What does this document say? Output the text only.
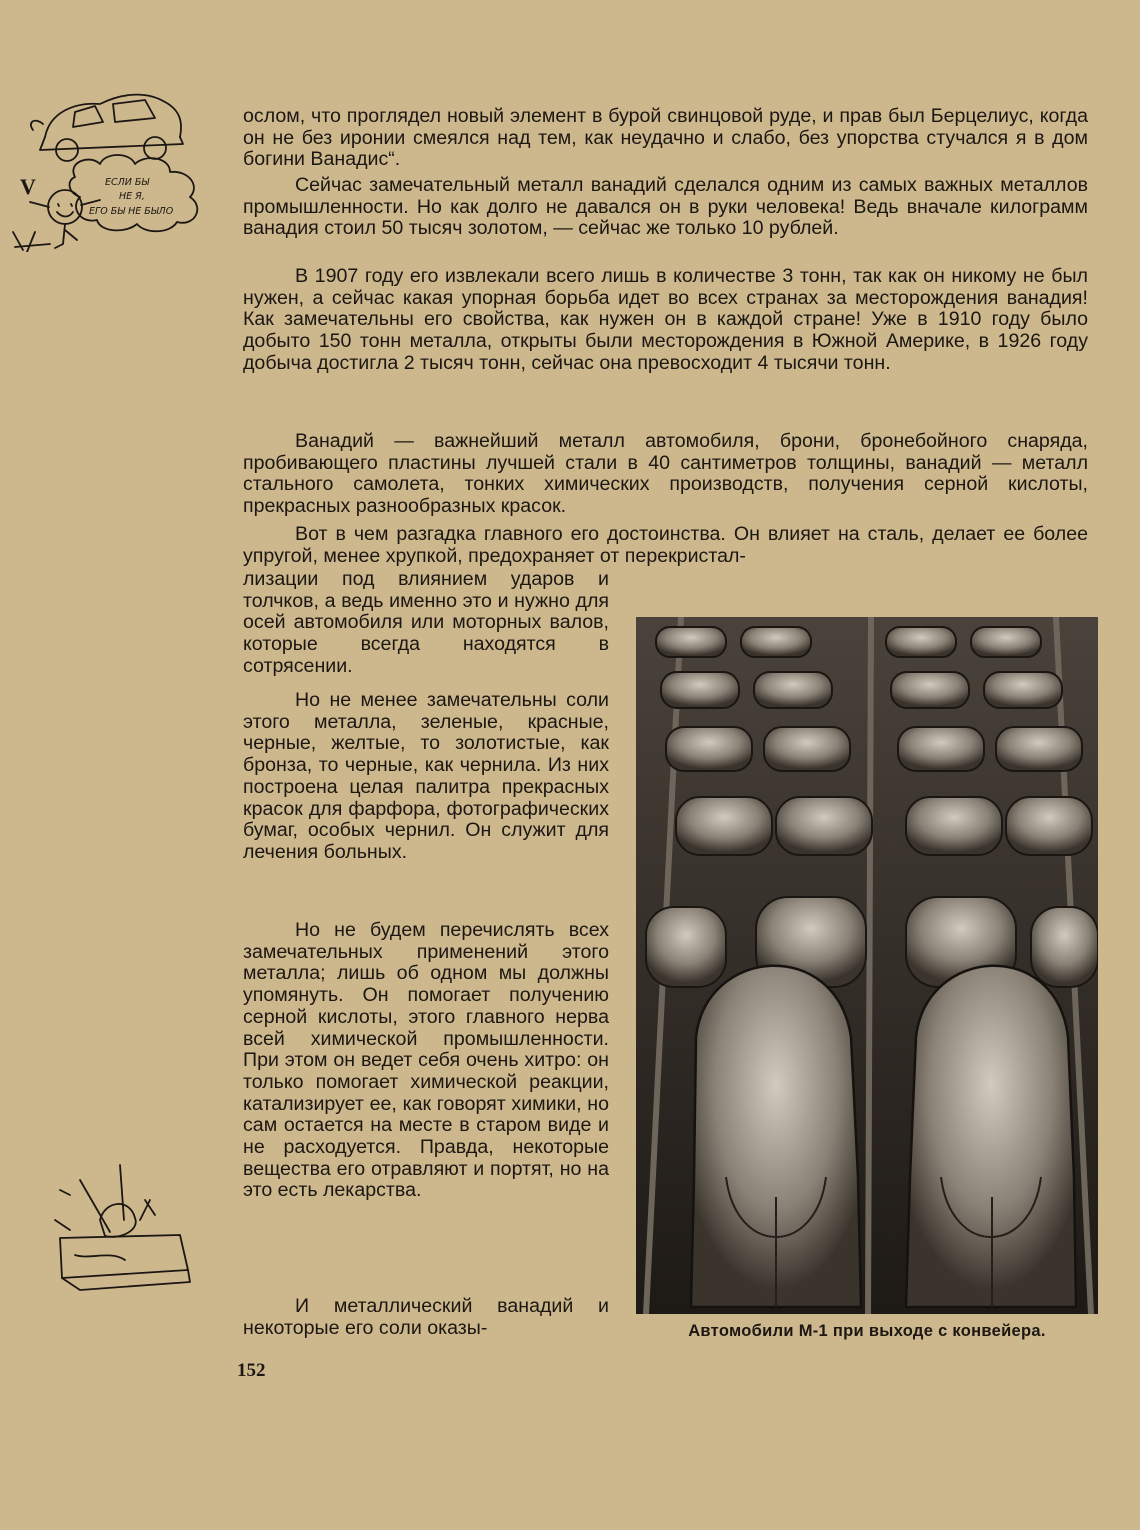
V	ЕСЛИ БЫ
НЕ Я,
ЕГО БЫ НЕ БЫЛО

ослом, что проглядел новый элемент в бурой свинцовой руде, и прав был Берцелиус, когда он не без иронии смеялся над тем, как неудачно и слабо, без упорства стучался я в дом богини Ванадис“.

Сейчас замечательный металл ванадий сделался одним из самых важных металлов промышленности. Но как долго не давался он в руки человека! Ведь вначале килограмм ванадия стоил 50 тысяч золотом, — сейчас же только 10 рублей.

В 1907 году его извлекали всего лишь в количестве 3 тонн, так как он никому не был нужен, а сейчас какая упорная борьба идет во всех странах за месторождения ванадия! Как замечательны его свойства, как нужен он в каждой стране! Уже в 1910 году было добыто 150 тонн металла, открыты были месторождения в Южной Америке, в 1926 году добыча достигла 2 тысяч тонн, сейчас она превосходит 4 тысячи тонн.

Ванадий — важнейший металл автомобиля, брони, бронебойного снаряда, пробивающего пластины лучшей стали в 40 сантиметров толщины, ванадий — металл стального самолета, тонких химических производств, получения серной кислоты, прекрасных разнообразных красок.

Вот в чем разгадка главного его достоинства. Он влияет на сталь, делает ее более упругой, менее хрупкой, предохраняет от перекристал-

лизации под влиянием ударов и толчков, а ведь именно это и нужно для осей автомобиля или моторных валов, которые всегда находятся в сотрясении.

Но не менее замечательны соли этого металла, зеленые, красные, черные, желтые, то золотистые, как бронза, то черные, как чернила. Из них построена целая палитра прекрасных красок для фарфора, фотографических бумаг, особых чернил. Он служит для лечения больных.

Но не будем перечислять всех замечательных применений этого металла; лишь об одном мы должны упомянуть. Он помогает получению серной кислоты, этого главного нерва всей химической промышленности. При этом он ведет себя очень хитро: он только помогает химической реакции, катализирует ее, как говорят химики, но сам остается на месте в старом виде и не расходуется. Правда, некоторые вещества его отравляют и портят, но на это есть лекарства.

И металлический ванадий и некоторые его соли оказы-	Автомобили М-1 при выходе с конвейера.
152
